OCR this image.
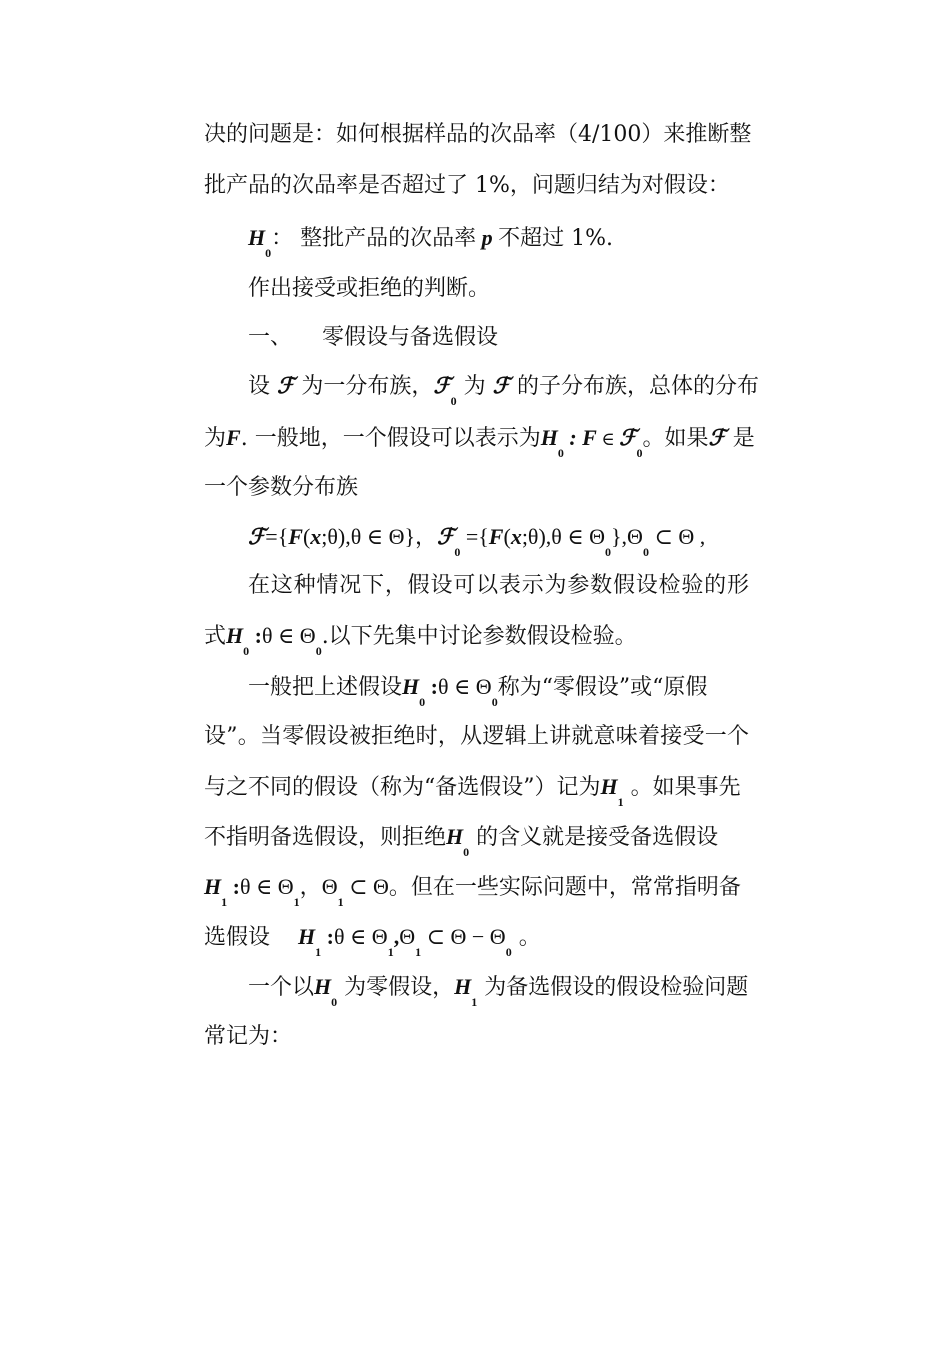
决的问题是：如何根据样品的次品率（4/100）来推断整
批产品的次品率是否超过了 1%，问题归结为对假设：
$H_0$： 整批产品的次品率 p 不超过 1%.
作出接受或拒绝的判断。
一、 零假设与备选假设
设 ℱ 为一分布族，ℱ$_0$ 为 ℱ 的子分布族，总体的分布
为F. 一般地，一个假设可以表示为$H_0$ : F ∈ ℱ$_0$。如果ℱ 是
一个参数分布族
ℱ={F(x;θ),θ ∈ Θ}，ℱ$_0$ ={F(x;θ),θ ∈ $\Theta_0\},\Theta_0$ ⊂ Θ ,
在这种情况下，假设可以表示为参数假设检验的形
式$H_0$ :θ ∈ $\Theta_0$.以下先集中讨论参数假设检验。
一般把上述假设$H_0$ :θ ∈ $\Theta_0$称为“零假设”或“原假
设”。当零假设被拒绝时，从逻辑上讲就意味着接受一个
与之不同的假设（称为“备选假设”）记为$H_1$ 。如果事先
不指明备选假设，则拒绝$H_0$ 的含义就是接受备选假设
$H_1$ :θ ∈ $\Theta_1$，$\Theta_1$ ⊂ Θ。但在一些实际问题中，常常指明备
选假设 $H_1$ :θ ∈ $\Theta_1,\Theta_1$ ⊂ $\Theta - \Theta_0$ 。
一个以$H_0$ 为零假设，$H_1$ 为备选假设的假设检验问题
常记为：
